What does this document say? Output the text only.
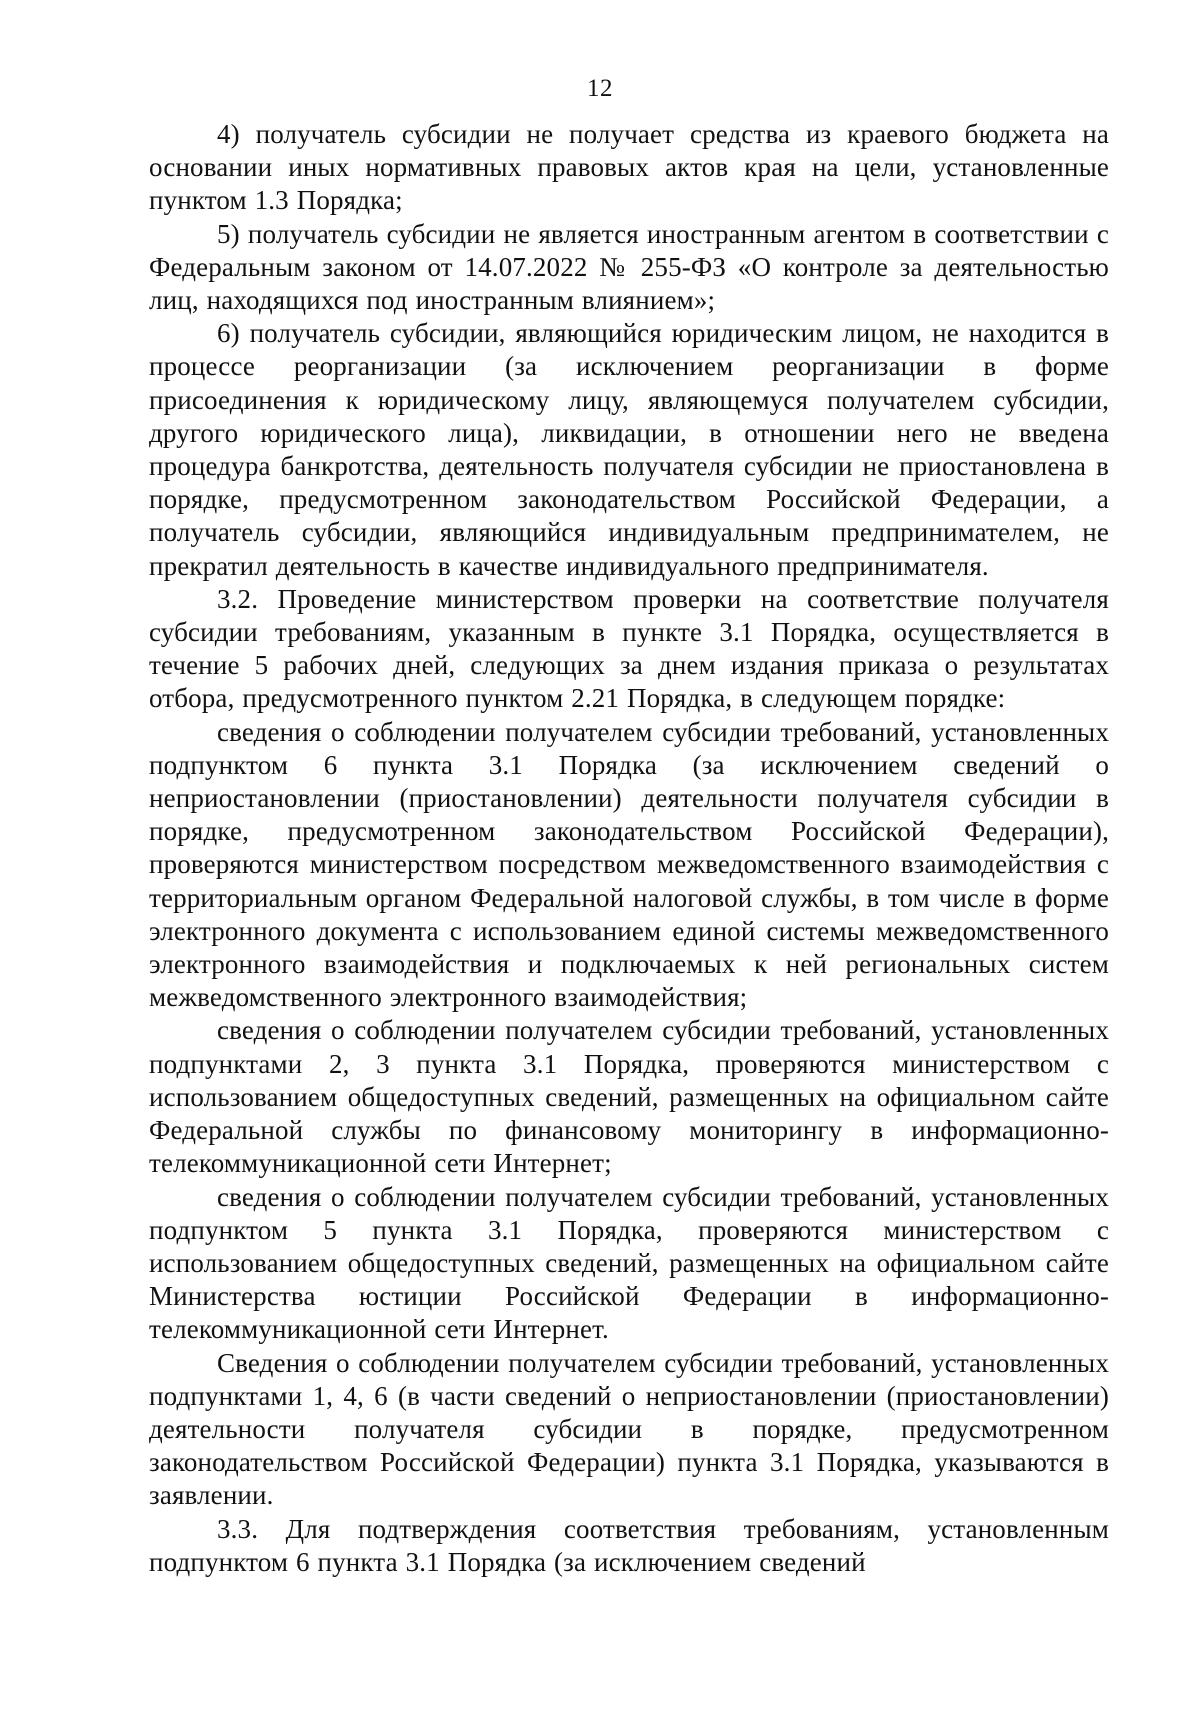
12

4) получатель субсидии не получает средства из краевого бюджета на основании иных нормативных правовых актов края на цели, установленные пунктом 1.3 Порядка;

5) получатель субсидии не является иностранным агентом в соответствии с Федеральным законом от 14.07.2022 № 255-ФЗ «О контроле за деятельностью лиц, находящихся под иностранным влиянием»;

6) получатель субсидии, являющийся юридическим лицом, не находится в процессе реорганизации (за исключением реорганизации в форме присоединения к юридическому лицу, являющемуся получателем субсидии, другого юридического лица), ликвидации, в отношении него не введена процедура банкротства, деятельность получателя субсидии не приостановлена в порядке, предусмотренном законодательством Российской Федерации, а получатель субсидии, являющийся индивидуальным предпринимателем, не прекратил деятельность в качестве индивидуального предпринимателя.

3.2. Проведение министерством проверки на соответствие получателя субсидии требованиям, указанным в пункте 3.1 Порядка, осуществляется в течение 5 рабочих дней, следующих за днем издания приказа о результатах отбора, предусмотренного пунктом 2.21 Порядка, в следующем порядке:

сведения о соблюдении получателем субсидии требований, установленных подпунктом 6 пункта 3.1 Порядка (за исключением сведений о неприостановлении (приостановлении) деятельности получателя субсидии в порядке, предусмотренном законодательством Российской Федерации), проверяются министерством посредством межведомственного взаимодействия с территориальным органом Федеральной налоговой службы, в том числе в форме электронного документа с использованием единой системы межведомственного электронного взаимодействия и подключаемых к ней региональных систем межведомственного электронного взаимодействия;

сведения о соблюдении получателем субсидии требований, установленных подпунктами 2, 3 пункта 3.1 Порядка, проверяются министерством с использованием общедоступных сведений, размещенных на официальном сайте Федеральной службы по финансовому мониторингу в информационно-телекоммуникационной сети Интернет;

сведения о соблюдении получателем субсидии требований, установленных подпунктом 5 пункта 3.1 Порядка, проверяются министерством с использованием общедоступных сведений, размещенных на официальном сайте Министерства юстиции Российской Федерации в информационно-телекоммуникационной сети Интернет.

Сведения о соблюдении получателем субсидии требований, установленных подпунктами 1, 4, 6 (в части сведений о неприостановлении (приостановлении) деятельности получателя субсидии в порядке, предусмотренном законодательством Российской Федерации) пункта 3.1 Порядка, указываются в заявлении.

3.3. Для подтверждения соответствия требованиям, установленным подпунктом 6 пункта 3.1 Порядка (за исключением сведений
